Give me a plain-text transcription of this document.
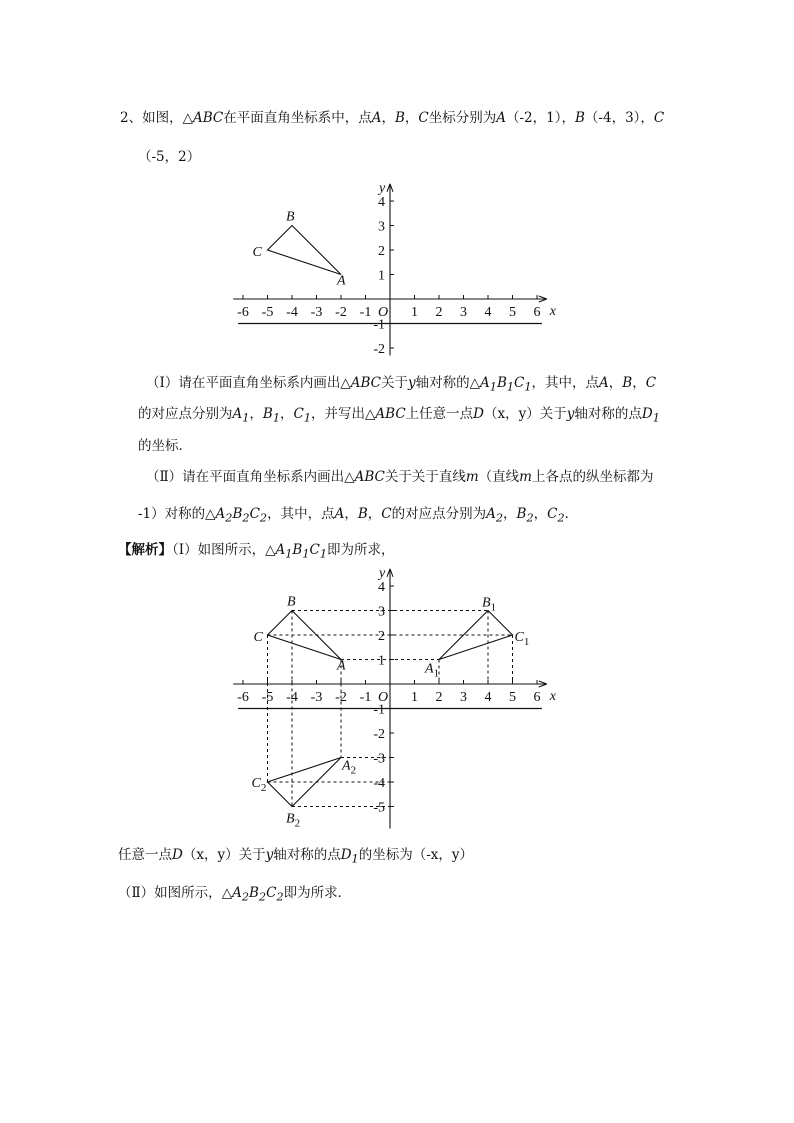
2、如图，△ABC在平面直角坐标系中，点A，B，C坐标分别为A（-2，1），B（-4，3），C
（-5，2）
-6 -5 -4 -3 -2 -1	1 2 3 4 5 6
4
3
2
1
-1
-2
O	x
y
A
B
C
（Ⅰ）请在平面直角坐标系内画出△ABC关于y轴对称的$\triangle A_1B_1C_1$，其中，点A，B，C
的对应点分别为$A_1$，$B_1$，$C_1$，并写出△ABC上任意一点D（x，y）关于y轴对称的点$D_1$
的坐标．
（Ⅱ）请在平面直角坐标系内画出△ABC关于关于直线m（直线m上各点的纵坐标都为
-1）对称的$\triangle A_2B_2C_2$，其中，点A，B，C的对应点分别为$A_2$，$B_2$，$C_2$．
【解析】（Ⅰ）如图所示，$\triangle A_1B_1C_1$即为所求，
-6 -5 -4 -3 -2 -1	1 2 3 4 5 6
4
3
2
1
-1
-2
-3
-4
-5
O	x
y
B
C
A
$B_1$
$C_1$
$A_1$
$A_2$
$C_2$
$B_2$
任意一点D（x，y）关于y轴对称的点$D_1$的坐标为（-x，y）
（Ⅱ）如图所示，$\triangle A_2B_2C_2$即为所求．
